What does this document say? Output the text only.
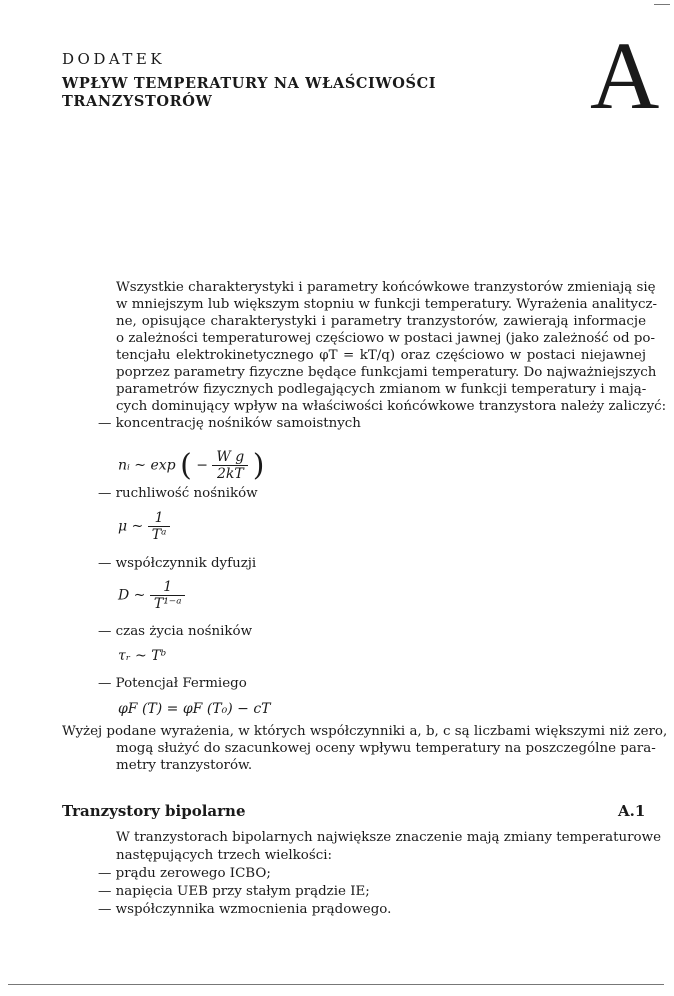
DODATEK
WPŁYW TEMPERATURY NA WŁAŚCIWOŚCI
TRANZYSTORÓW	A
Wszystkie charakterystyki i parametry końcówkowe tranzystorów zmieniają się
w mniejszym lub większym stopniu w funkcji temperatury. Wyrażenia analitycz-
ne, opisujące charakterystyki i parametry tranzystorów, zawierają informacje
o zależności temperaturowej częściowo w postaci jawnej (jako zależność od po-
tencjału elektrokinetycznego φT = kT/q) oraz częściowo w postaci niejawnej
poprzez parametry fizyczne będące funkcjami temperatury. Do najważniejszych
parametrów fizycznych podlegających zmianom w funkcji temperatury i mają-
cych dominujący wpływ na właściwości końcówkowe tranzystora należy zaliczyć:
— koncentrację nośników samoistnych
nᵢ ~ exp ( − $\frac{\text{W g}}{2kT}$ )
— ruchliwość nośników
μ ~ $\frac{1}{\text{Tᵃ}}$
— współczynnik dyfuzji
D ~ $\frac{1}{\text{T¹⁻ᵃ}}$
— czas życia nośników
τᵣ ~ Tᵇ
— Potencjał Fermiego
φF (T) = φF (T₀) − cT
Wyżej podane wyrażenia, w których współczynniki a, b, c są liczbami większymi niż zero,
mogą służyć do szacunkowej oceny wpływu temperatury na poszczególne para-
metry tranzystorów.
Tranzystory bipolarne	A.1
W tranzystorach bipolarnych największe znaczenie mają zmiany temperaturowe
następujących trzech wielkości:
— prądu zerowego ICBO;
— napięcia UEB przy stałym prądzie IE;
— współczynnika wzmocnienia prądowego.
